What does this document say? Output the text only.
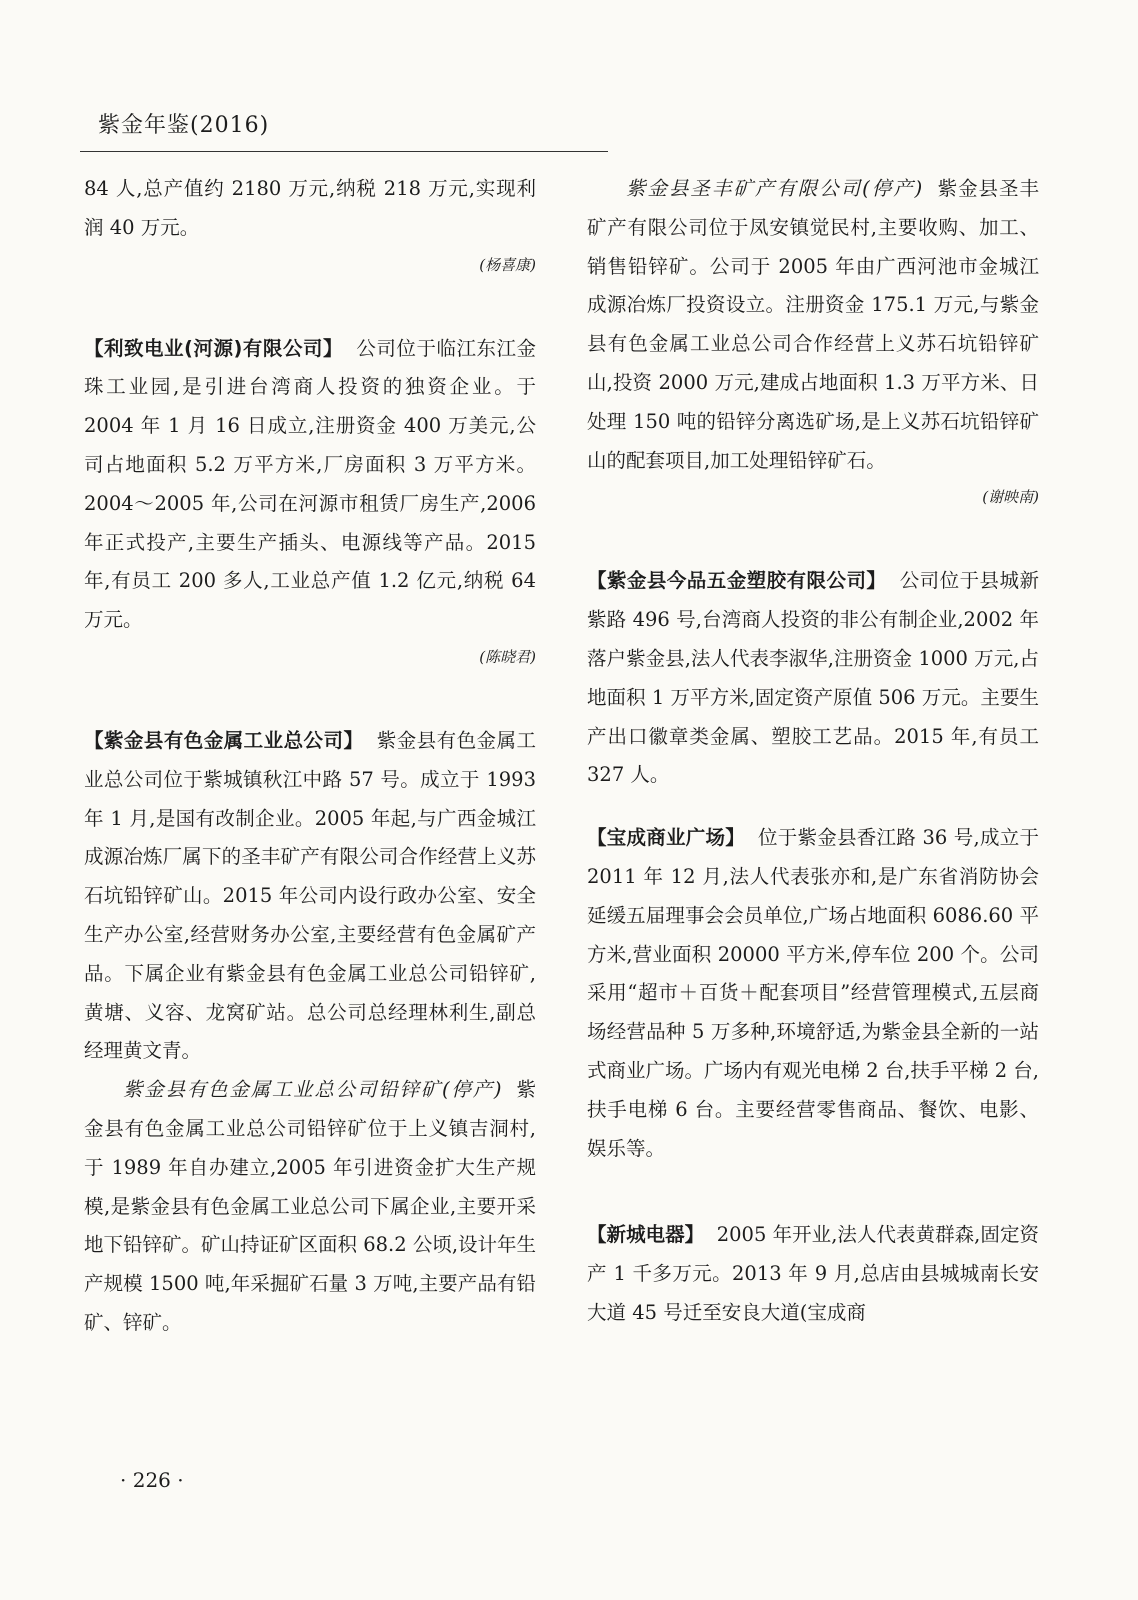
紫金年鉴(2016)

84 人,总产值约 2180 万元,纳税 218 万元,实现利润 40 万元。

(杨喜康)

【利致电业(河源)有限公司】 公司位于临江东江金珠工业园,是引进台湾商人投资的独资企业。于 2004 年 1 月 16 日成立,注册资金 400 万美元,公司占地面积 5.2 万平方米,厂房面积 3 万平方米。2004～2005 年,公司在河源市租赁厂房生产,2006 年正式投产,主要生产插头、电源线等产品。2015 年,有员工 200 多人,工业总产值 1.2 亿元,纳税 64 万元。

(陈晓君)

【紫金县有色金属工业总公司】 紫金县有色金属工业总公司位于紫城镇秋江中路 57 号。成立于 1993 年 1 月,是国有改制企业。2005 年起,与广西金城江成源冶炼厂属下的圣丰矿产有限公司合作经营上义苏石坑铅锌矿山。2015 年公司内设行政办公室、安全生产办公室,经营财务办公室,主要经营有色金属矿产品。下属企业有紫金县有色金属工业总公司铅锌矿,黄塘、义容、龙窝矿站。总公司总经理林利生,副总经理黄文青。

紫金县有色金属工业总公司铅锌矿(停产) 紫金县有色金属工业总公司铅锌矿位于上义镇吉洞村,于 1989 年自办建立,2005 年引进资金扩大生产规模,是紫金县有色金属工业总公司下属企业,主要开采地下铅锌矿。矿山持证矿区面积 68.2 公顷,设计年生产规模 1500 吨,年采掘矿石量 3 万吨,主要产品有铅矿、锌矿。

紫金县圣丰矿产有限公司(停产) 紫金县圣丰矿产有限公司位于凤安镇觉民村,主要收购、加工、销售铅锌矿。公司于 2005 年由广西河池市金城江成源冶炼厂投资设立。注册资金 175.1 万元,与紫金县有色金属工业总公司合作经营上义苏石坑铅锌矿山,投资 2000 万元,建成占地面积 1.3 万平方米、日处理 150 吨的铅锌分离选矿场,是上义苏石坑铅锌矿山的配套项目,加工处理铅锌矿石。

(谢映南)

【紫金县今品五金塑胶有限公司】 公司位于县城新紫路 496 号,台湾商人投资的非公有制企业,2002 年落户紫金县,法人代表李淑华,注册资金 1000 万元,占地面积 1 万平方米,固定资产原值 506 万元。主要生产出口徽章类金属、塑胶工艺品。2015 年,有员工 327 人。

【宝成商业广场】 位于紫金县香江路 36 号,成立于 2011 年 12 月,法人代表张亦和,是广东省消防协会延缓五届理事会会员单位,广场占地面积 6086.60 平方米,营业面积 20000 平方米,停车位 200 个。公司采用“超市＋百货＋配套项目”经营管理模式,五层商场经营品种 5 万多种,环境舒适,为紫金县全新的一站式商业广场。广场内有观光电梯 2 台,扶手平梯 2 台,扶手电梯 6 台。主要经营零售商品、餐饮、电影、娱乐等。

【新城电器】 2005 年开业,法人代表黄群森,固定资产 1 千多万元。2013 年 9 月,总店由县城城南长安大道 45 号迁至安良大道(宝成商

· 226 ·
